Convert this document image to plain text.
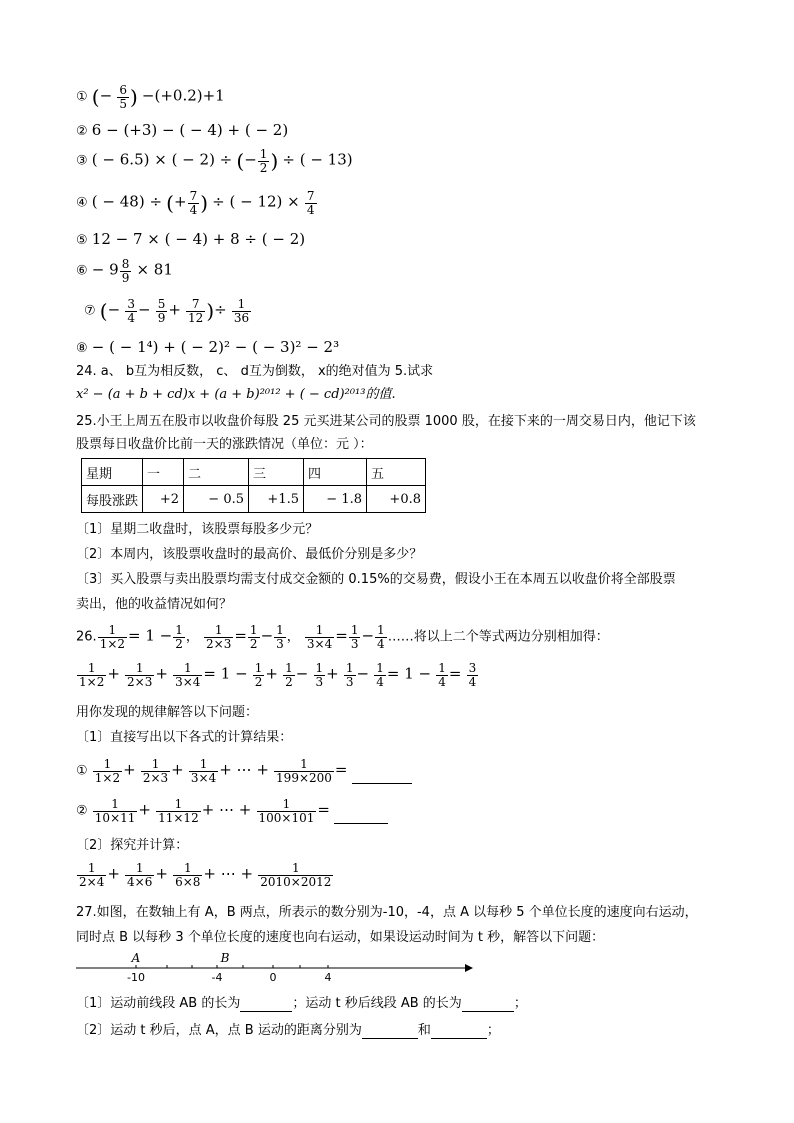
① (− $\frac{6}{5}$ ) −(+0.2)+1
② 6 − (+3) − ( − 4) + ( − 2)
③ ( − 6.5) × ( − 2) ÷ (− $\frac{1}{2}$ ) ÷ ( − 13)
④ ( − 48) ÷ (+ $\frac{7}{4}$ ) ÷ ( − $12) \times \frac{7}{4}$
⑤ 12 − 7 × ( − 4) + 8 ÷ ( − 2)
⑥ − $9 \frac{8}{9} \times 81$
⑦ (− $\frac{3}{4} - \frac{5}{9} + \frac{7}{12}$ )÷ $\frac{1}{36}$
⑧ − ( − 1⁴) + ( − 2)² − ( − 3)² − 2³
24. a、 b互为相反数， c、 d互为倒数， x的绝对值为 5.试求
x² − (a + b + cd)x + (a + b)²⁰¹² + ( − cd)²⁰¹³的值.
25.小王上周五在股市以收盘价每股 25 元买进某公司的股票 1000 股，在接下来的一周交易日内，他记下该
股票每日收盘价比前一天的涨跌情况（单位：元 ）：
星期	一	二	三	四	五
每股涨跌	+2	− 0.5	+1.5	− 1.8	+0.8
〔1〕星期二收盘时，该股票每股多少元？
〔2〕本周内，该股票收盘时的最高价、最低价分别是多少？
〔3〕买入股票与卖出股票均需支付成交金额的 0.15%的交易费，假设小王在本周五以收盘价将全部股票
卖出，他的收益情况如何？
26. $\frac{1}{1\times 2} = 1 - \frac{1}{2}$ ， $\frac{1}{2\times 3} = \frac{1}{2} - \frac{1}{3}$ ， $\frac{1}{3\times 4} = \frac{1}{3} - \frac{1}{4}$ ……将以上二个等式两边分别相加得：
$\frac{1}{1\times 2} + \frac{1}{2\times 3} + \frac{1}{3\times 4} = 1 - \frac{1}{2} + \frac{1}{2} - \frac{1}{3} + \frac{1}{3} - \frac{1}{4} = 1 - \frac{1}{4} = \frac{3}{4}$
用你发现的规律解答以下问题：
〔1〕直接写出以下各式的计算结果：
① $\frac{1}{1\times 2} + \frac{1}{2\times 3} + \frac{1}{3\times 4}$ + ⋯ + $\frac{1}{199\times 200}$ =
② $\frac{1}{10\times 11} + \frac{1}{11\times 12}$ + ⋯ + $\frac{1}{100\times 101}$ =
〔2〕探究并计算：
$\frac{1}{2\times 4} + \frac{1}{4\times 6} + \frac{1}{6\times 8}$ + ⋯ + $\frac{1}{2010\times 2012}$
27.如图，在数轴上有 A，B 两点，所表示的数分别为-10，-4，点 A 以每秒 5 个单位长度的速度向右运动，
同时点 B 以每秒 3 个单位长度的速度也向右运动，如果设运动时间为 t 秒，解答以下问题：
A	B
-10	-4	0	4
〔1〕运动前线段 AB 的长为	；运动 t 秒后线段 AB 的长为	；
〔2〕运动 t 秒后，点 A，点 B 运动的距离分别为	和	；
